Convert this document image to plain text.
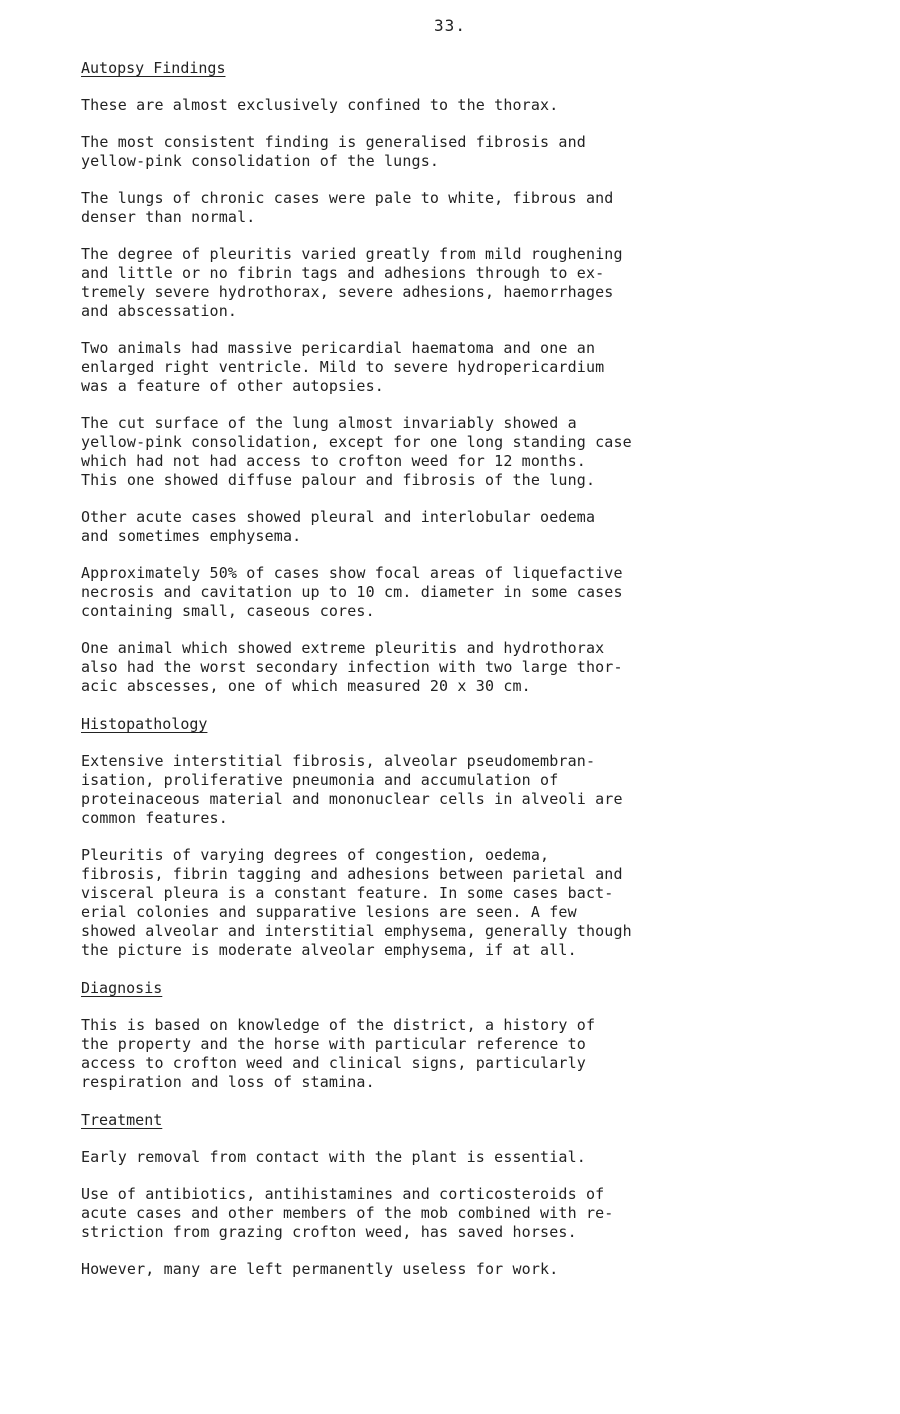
33.
Autopsy Findings

These are almost exclusively confined to the thorax.

The most consistent finding is generalised fibrosis and
yellow-pink consolidation of the lungs.

The lungs of chronic cases were pale to white, fibrous and
denser than normal.

The degree of pleuritis varied greatly from mild roughening
and little or no fibrin tags and adhesions through to ex-
tremely severe hydrothorax, severe adhesions, haemorrhages
and abscessation.

Two animals had massive pericardial haematoma and one an
enlarged right ventricle. Mild to severe hydropericardium
was a feature of other autopsies.

The cut surface of the lung almost invariably showed a
yellow-pink consolidation, except for one long standing case
which had not had access to crofton weed for 12 months.
This one showed diffuse palour and fibrosis of the lung.

Other acute cases showed pleural and interlobular oedema
and sometimes emphysema.

Approximately 50% of cases show focal areas of liquefactive
necrosis and cavitation up to 10 cm. diameter in some cases
containing small, caseous cores.

One animal which showed extreme pleuritis and hydrothorax
also had the worst secondary infection with two large thor-
acic abscesses, one of which measured 20 x 30 cm.

Histopathology

Extensive interstitial fibrosis, alveolar pseudomembran-
isation, proliferative pneumonia and accumulation of
proteinaceous material and mononuclear cells in alveoli are
common features.

Pleuritis of varying degrees of congestion, oedema,
fibrosis, fibrin tagging and adhesions between parietal and
visceral pleura is a constant feature. In some cases bact-
erial colonies and supparative lesions are seen. A few
showed alveolar and interstitial emphysema, generally though
the picture is moderate alveolar emphysema, if at all.

Diagnosis

This is based on knowledge of the district, a history of
the property and the horse with particular reference to
access to crofton weed and clinical signs, particularly
respiration and loss of stamina.

Treatment

Early removal from contact with the plant is essential.

Use of antibiotics, antihistamines and corticosteroids of
acute cases and other members of the mob combined with re-
striction from grazing crofton weed, has saved horses.

However, many are left permanently useless for work.
